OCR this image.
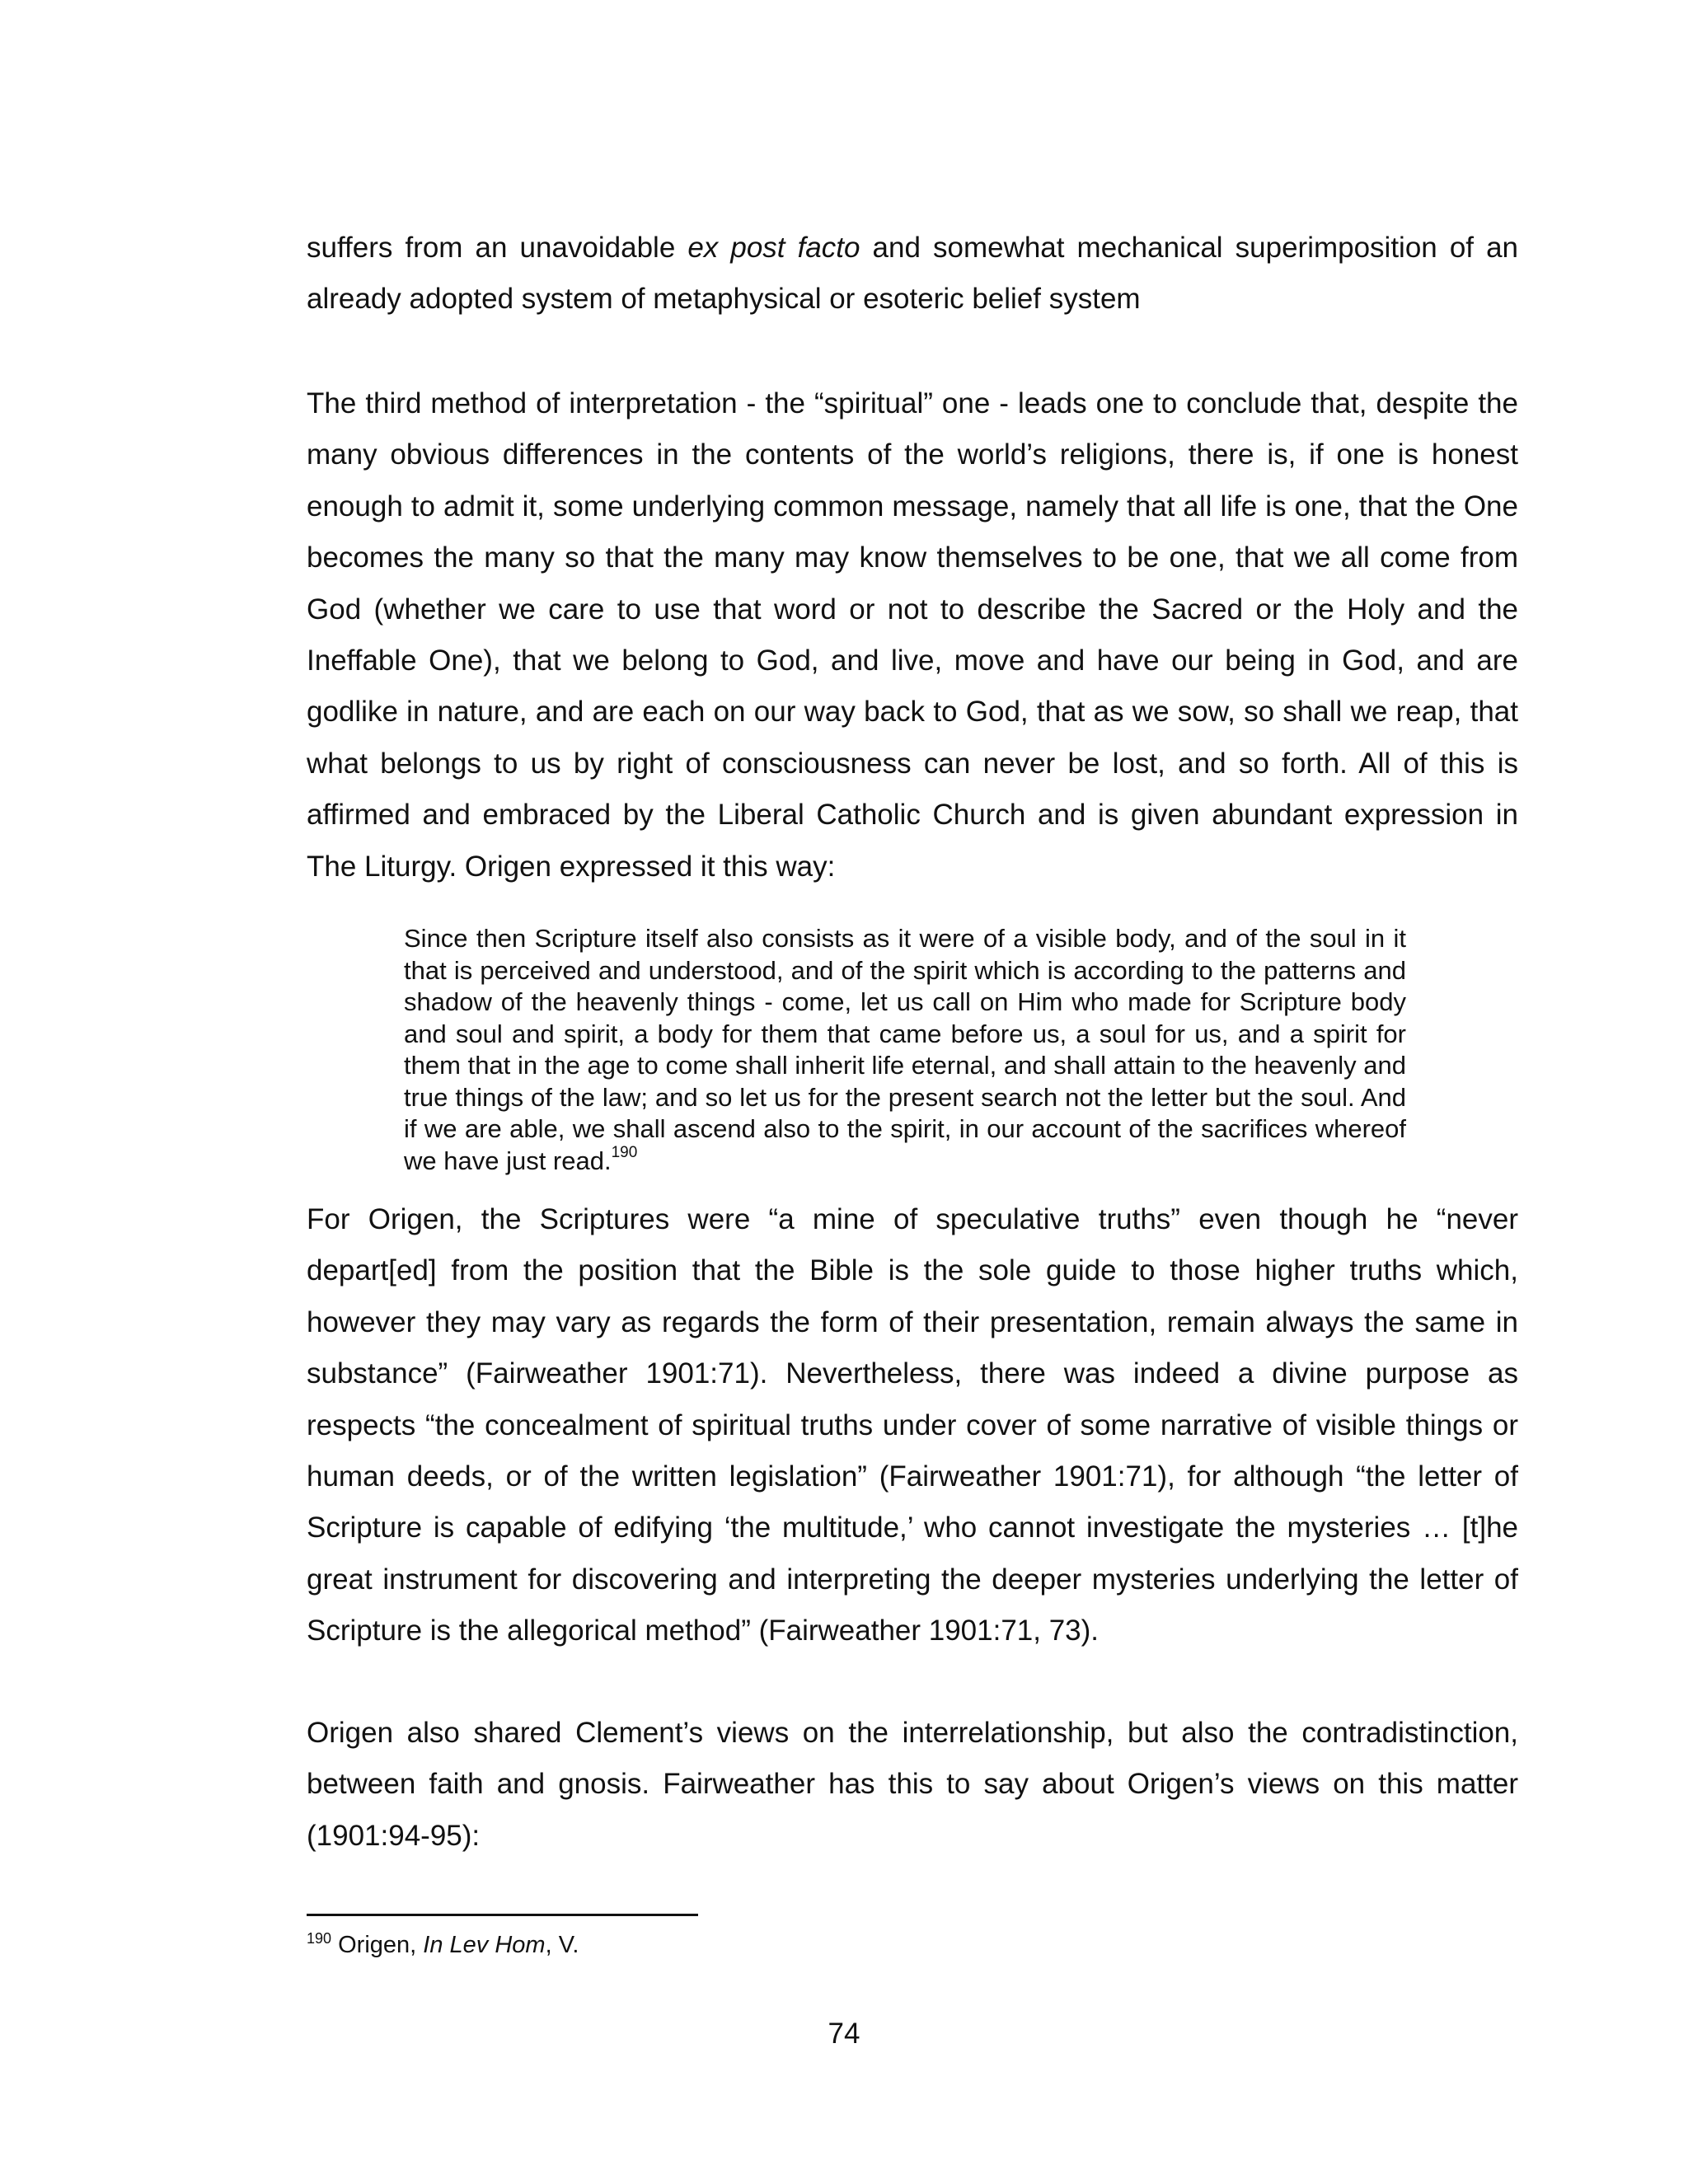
suffers from an unavoidable ex post facto and somewhat mechanical superimposition of an already adopted system of metaphysical or esoteric belief system

The third method of interpretation - the “spiritual” one - leads one to conclude that, despite the many obvious differences in the contents of the world’s religions, there is, if one is honest enough to admit it, some underlying common message, namely that all life is one, that the One becomes the many so that the many may know themselves to be one, that we all come from God (whether we care to use that word or not to describe the Sacred or the Holy and the Ineffable One), that we belong to God, and live, move and have our being in God, and are godlike in nature, and are each on our way back to God, that as we sow, so shall we reap, that what belongs to us by right of consciousness can never be lost, and so forth. All of this is affirmed and embraced by the Liberal Catholic Church and is given abundant expression in The Liturgy. Origen expressed it this way:

Since then Scripture itself also consists as it were of a visible body, and of the soul in it that is perceived and understood, and of the spirit which is according to the patterns and shadow of the heavenly things - come, let us call on Him who made for Scripture body and soul and spirit, a body for them that came before us, a soul for us, and a spirit for them that in the age to come shall inherit life eternal, and shall attain to the heavenly and true things of the law; and so let us for the present search not the letter but the soul. And if we are able, we shall ascend also to the spirit, in our account of the sacrifices whereof we have just read.$^{190}$

For Origen, the Scriptures were “a mine of speculative truths” even though he “never depart[ed] from the position that the Bible is the sole guide to those higher truths which, however they may vary as regards the form of their presentation, remain always the same in substance” (Fairweather 1901:71). Nevertheless, there was indeed a divine purpose as respects “the concealment of spiritual truths under cover of some narrative of visible things or human deeds, or of the written legislation” (Fairweather 1901:71), for although “the letter of Scripture is capable of edifying ‘the multitude,’ who cannot investigate the mysteries … [t]he great instrument for discovering and interpreting the deeper mysteries underlying the letter of Scripture is the allegorical method” (Fairweather 1901:71, 73).

Origen also shared Clement’s views on the interrelationship, but also the contradistinction, between faith and gnosis. Fairweather has this to say about Origen’s views on this matter (1901:94-95):

$^{190}$ Origen, In Lev Hom, V.

74
